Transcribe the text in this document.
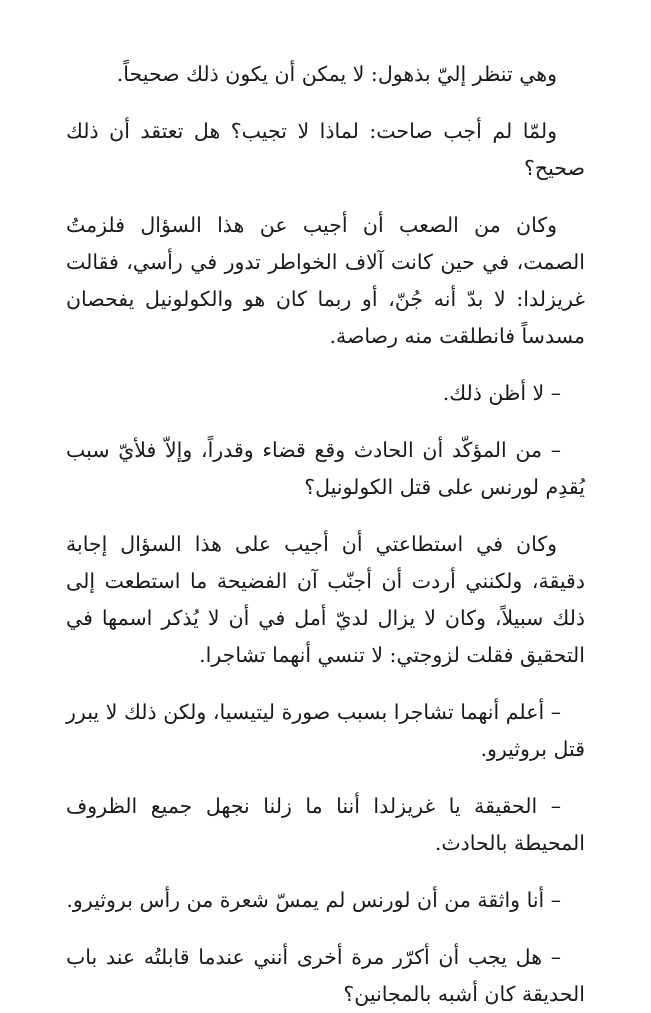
وهي تنظر إليّ بذهول: لا يمكن أن يكون ذلك صحيحاً.

ولمّا لم أجب صاحت: لماذا لا تجيب؟ هل تعتقد أن ذلك صحيح؟

وكان من الصعب أن أجيب عن هذا السؤال فلزمتُ الصمت، في حين كانت آلاف الخواطر تدور في رأسي، فقالت غريزلدا: لا بدّ أنه جُنّ، أو ربما كان هو والكولونيل يفحصان مسدساً فانطلقت منه رصاصة.

– لا أظن ذلك.

– من المؤكّد أن الحادث وقع قضاء وقدراً، وإلاّ فلأيّ سبب يُقدِم لورنس على قتل الكولونيل؟

وكان في استطاعتي أن أجيب على هذا السؤال إجابة دقيقة، ولكنني أردت أن أجنّب آن الفضيحة ما استطعت إلى ذلك سبيلاً، وكان لا يزال لديّ أمل في أن لا يُذكر اسمها في التحقيق فقلت لزوجتي: لا تنسي أنهما تشاجرا.

– أعلم أنهما تشاجرا بسبب صورة ليتيسيا، ولكن ذلك لا يبرر قتل بروثيرو.

– الحقيقة يا غريزلدا أننا ما زلنا نجهل جميع الظروف المحيطة بالحادث.

– أنا واثقة من أن لورنس لم يمسّ شعرة من رأس بروثيرو.

– هل يجب أن أكرّر مرة أخرى أنني عندما قابلتُه عند باب الحديقة كان أشبه بالمجانين؟
